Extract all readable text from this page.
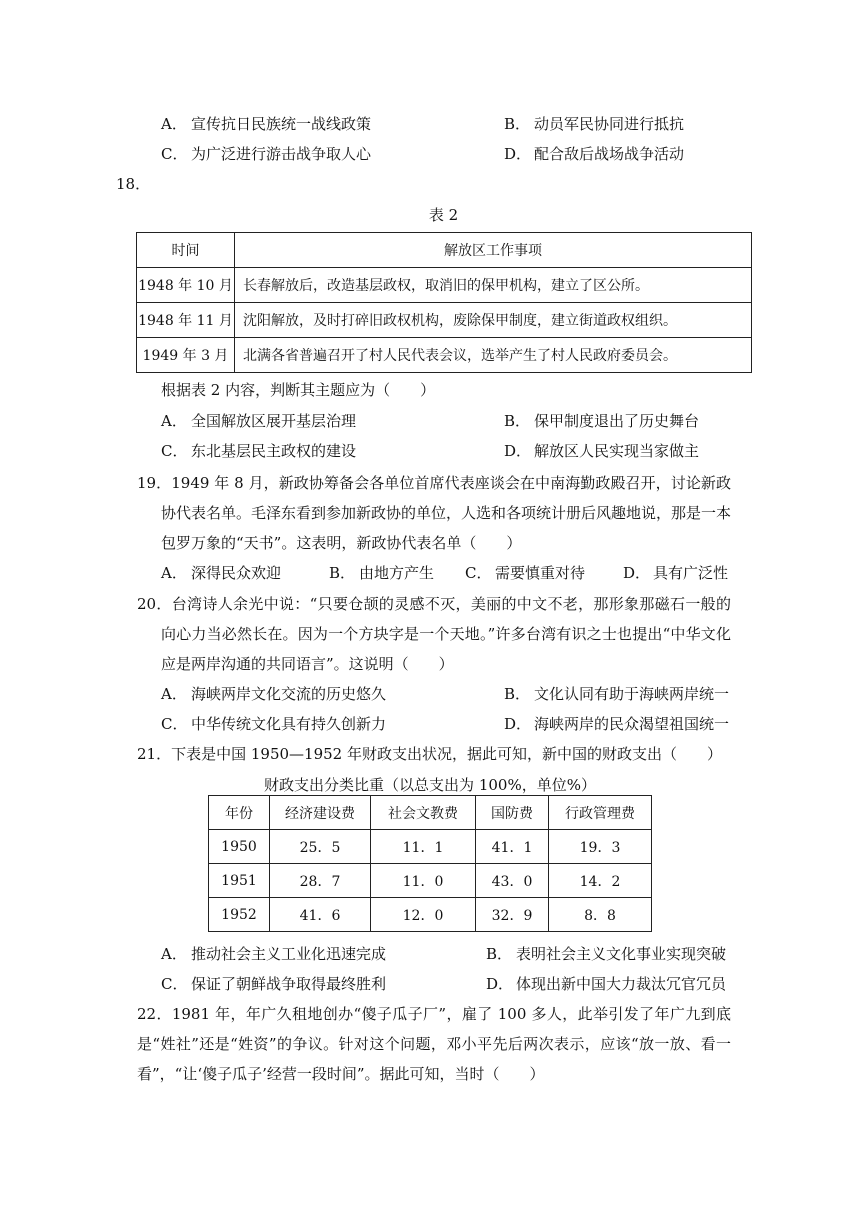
A． 宣传抗日民族统一战线政策	B． 动员军民协同进行抵抗
C． 为广泛进行游击战争取人心	D． 配合敌后战场战争活动
18．
表 2
时间	解放区工作事项
1948 年 10 月	长春解放后，改造基层政权，取消旧的保甲机构，建立了区公所。
1948 年 11 月	沈阳解放，及时打碎旧政权机构，废除保甲制度，建立街道政权组织。
1949 年 3 月	北满各省普遍召开了村人民代表会议，选举产生了村人民政府委员会。
根据表 2 内容，判断其主题应为（　　）
A． 全国解放区展开基层治理	B． 保甲制度退出了历史舞台
C． 东北基层民主政权的建设	D． 解放区人民实现当家做主
19．1949 年 8 月，新政协筹备会各单位首席代表座谈会在中南海勤政殿召开，讨论新政协代表名单。毛泽东看到参加新政协的单位，人选和各项统计册后风趣地说，那是一本包罗万象的“天书”。这表明，新政协代表名单（　　）
A． 深得民众欢迎	B． 由地方产生 C． 需要慎重对待	D． 具有广泛性
20．台湾诗人余光中说：“只要仓颉的灵感不灭，美丽的中文不老，那形象那磁石一般的向心力当必然长在。因为一个方块字是一个天地。”许多台湾有识之士也提出“中华文化应是两岸沟通的共同语言”。这说明（　　）
A． 海峡两岸文化交流的历史悠久	B． 文化认同有助于海峡两岸统一
C． 中华传统文化具有持久创新力	D． 海峡两岸的民众渴望祖国统一
21．下表是中国 1950—1952 年财政支出状况，据此可知，新中国的财政支出（　　）
财政支出分类比重（以总支出为 100%，单位%）
年份	经济建设费	社会文教费	国防费	行政管理费
1950	25．5	11．1	41．1	19．3
1951	28．7	11．0	43．0	14．2
1952	41．6	12．0	32．9	8．8
A． 推动社会主义工业化迅速完成	B． 表明社会主义文化事业实现突破
C． 保证了朝鲜战争取得最终胜利	D． 体现出新中国大力裁汰冗官冗员
22．1981 年，年广久租地创办“傻子瓜子厂”，雇了 100 多人，此举引发了年广九到底是“姓社”还是“姓资”的争议。针对这个问题，邓小平先后两次表示，应该“放一放、看一看”，“让‘傻子瓜子’经营一段时间”。据此可知，当时（　　）
